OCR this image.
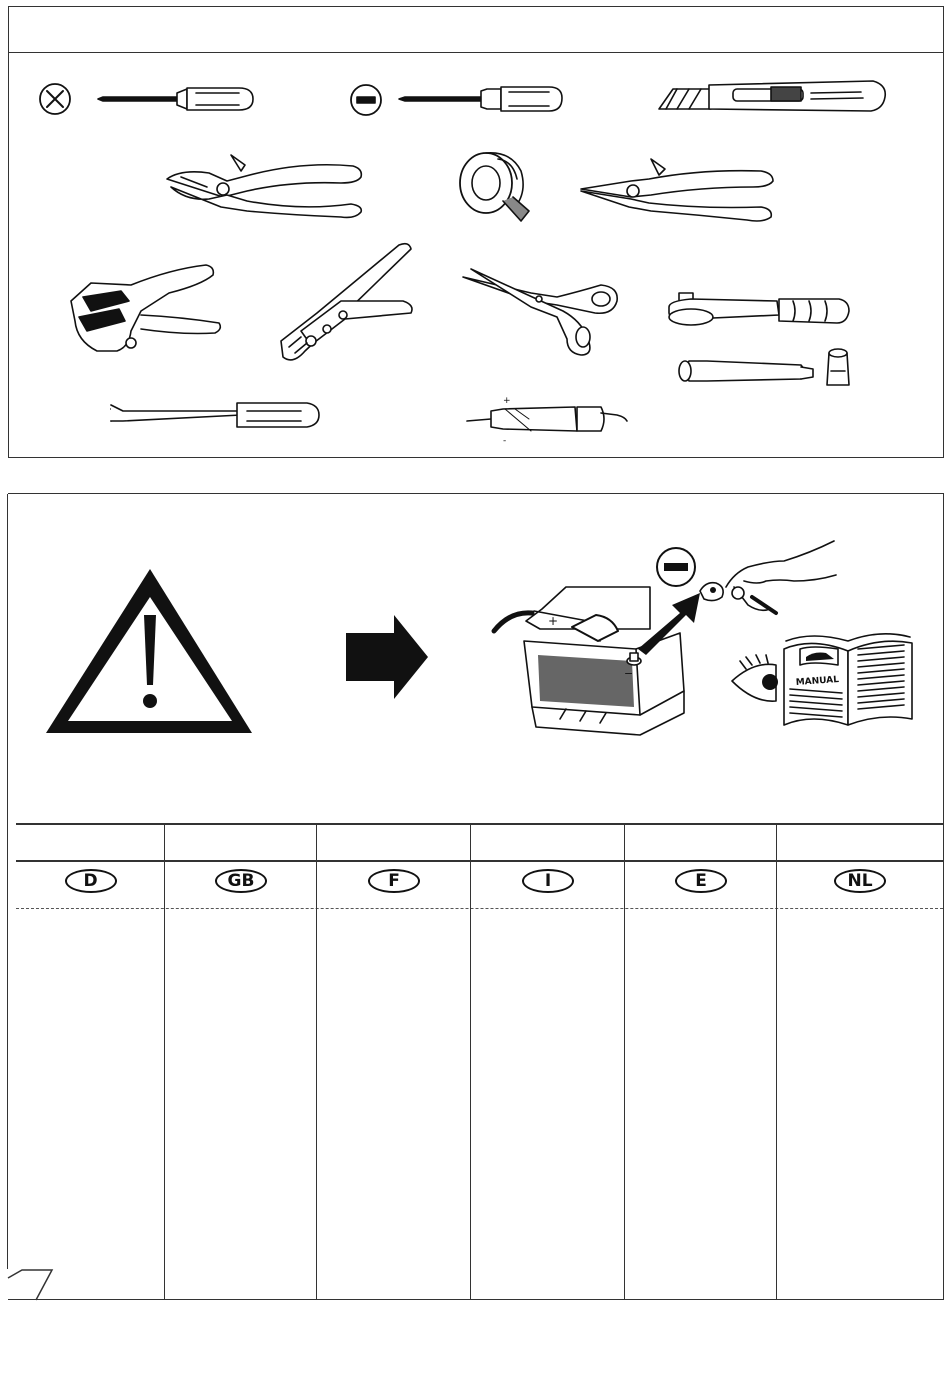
+
-
+
−
MANUAL
D	GB	F	I	E	NL
